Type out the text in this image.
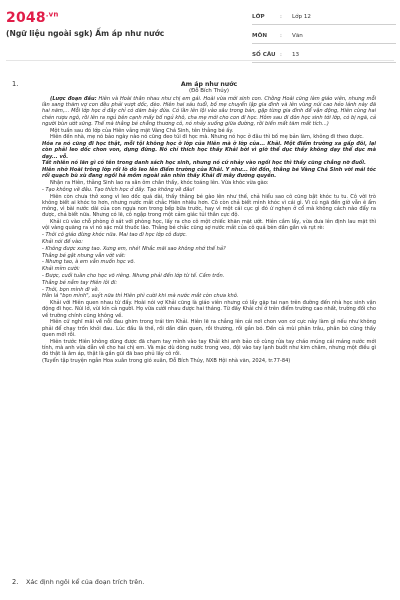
$2048^{.vn}$
(Ngữ liệu ngoài sgk) Ấm áp như nước
LỚP	:	Lớp 12
MÔN	:	Văn
SỐ CÂU :	13
1.	Ấm áp như nước
(Đỗ Bích Thúy)

(Lược đoạn đầu: Hiên và Hoài thân nhau như chị em gái. Hoài vừa mới sinh con. Chồng Hoài cũng làm giáo viên, nhưng mỗi lần sang thăm vợ con đều phải vượt dốc, đèo. Hiên hai sáu tuổi, bố mẹ chuyển lập gia đình và lên vùng núi cao hẻo lánh này đã hai năm,... Mỗi lớp học ở đây chỉ có dăm bảy đứa. Có lần lên lội vào sâu trong bản, gặp từng gia đình để vận động, Hiên cùng hai chén rượu ngô, rồi lên ra ngủ bên cạnh mấy bố ngủ khô, cha mẹ mới cho con đi học. Hôm sau đi đón học sinh tới lớp, có bị ngã, cả người bùn ướt sũng. Thế mà thằng bé chẳng thương cô, nó nhảy xuống giữa đường, rồi biến mất tăm mất tích...)

Một tuần sau đó lớp của Hiên vắng mặt Vàng Chá Sinh, tên thằng bé ấy.

Hiên đến nhà, mẹ nó bảo ngày nào nó cũng đeo túi đi học mà. Nhưng nó học ở đâu thì bố mẹ bản làm, không đi theo được.

Hóa ra nó cũng đi học thật, mỗi tội không học ở lớp của Hiên mà ở lớp của... Khải. Một điểm trường xa gấp đôi, lại còn phải leo dốc chon von, dựng đứng. Nó chỉ thích học thầy Khải bởi vì giờ thể dục thầy không dạy thể dục mà dạy... vỗ.

Tất nhiên nó lăn gì có tên trong danh sách học sinh, nhưng nó cứ nhảy vào ngồi học thì thầy cũng chẳng nỡ đuổi.

Hiên nhờ Hoài trông lớp rồi lò dò leo lên điểm trường của Khải. Y như... lời đồn, thằng bé Vàng Chá Sinh với mái tóc rối quạch bù xù đang ngồi hả mồm ngoài sân nhìn thầy Khải đi mây đường quyền.

Nhận ra Hiên, thằng Sinh lao ra sân ôm chân thầy, khóc toáng lên. Vừa khóc vừa gào:

- Tạo không về đâu. Tạo thích học ở đây. Tạo không về đâu!

Hiên còn chưa thở xong vì leo dốc quá dài, thấy thằng bé gào lên như thế, chả hiểu sao cô cũng bật khóc tu tu. Cô vời trò không biết ai khóc to hơn, nhưng nước mắt chắc Hiên nhiều hơn. Cô còn chả biết mình khóc vì cái gì. Vì cú ngã đến giờ vẫn ê ẩm mông, vì bài nước dài của con ngựa non trong bếp bữa trước, hay vì một cái cục gì đó ứ nghẹn ở cổ mà không cách nào đẩy ra được, chả biết nữa. Nhưng có lẽ, cô ngập trong một cảm giác tủi thân cực độ.

Khải cũ vào chỗ phòng ở sát với phòng học, lấy ra cho cô một chiếc khăn mặt ướt. Hiên cầm lấy, vừa đưa lên định lau mặt thì vội vàng quăng ra vì nó sặc mùi thuốc lào. Thằng bé chắc cũng sợ nước mắt của cô quá bèn dần gần và rụt rè:

- Thôi cô giáo đừng khóc nữa. Mai tao đi học lớp cô được.

Khải nói đế vào:

- Không được xưng tao. Xưng em, nhé! Nhắc mãi sao không nhớ thế hả?

Thằng bé gật nhưng vẫn vớt vát:

- Nhưng tao, à em vẫn muốn học võ.

Khải mỉm cười:

- Được, cuối tuần cho học võ riêng. Nhưng phải đến lớp từ tế. Cấm trốn.

Thằng bé nắm tay Hiên lôi đi:

- Thôi, bọn mình đi về.

Hằn lá "bọn mình", suýt nữa thì Hiên phì cười khi mà nước mắt còn chưa khô.

Khải với Hiên quen nhau từ đấy. Hoài nói vợ Khải cũng là giáo viên nhưng có lấy gặp tai nạn trên đường đến nhà học sinh vận động đi học. Núi lở, vùi kín cả người. Họ vừa cưới nhau được hai tháng. Từ đấy Khải chỉ ở trên điểm trường cao nhất, trường đối cho về trường chính cũng không về.

Hiên cứ nghĩ mãi về nỗi đau ghim trong trái tim Khải. Hiên lẽ ra chẳng lên cái nơi chon von cơ cực này làm gì nếu như không phải để chạy trốn khỏi đau. Lúc đầu là thế, rồi dần dần quen, rồi thương, rồi gắn bó. Đến cả mùi phân trâu, phân bò cũng thấy quen mới rồi.

Hiên trước Hiên không dũng được đã chạm tay mình vào tay Khải khi anh bảo cô cùng rửa tay cháo múng cái máng nước mới tính, mà anh vừa dẫn về cho hai chị em. Và mặc dù dòng nước trong veo, đội vào tay lạnh buốt như kim châm, nhưng một điều gì đó thật là âm áp, thật là gần gũi đã bao phủ lấy cô rồi.

(Tuyển tập truyện ngắn Hoa xuân trong gió xuân, Đỗ Bích Thúy, NXB Hội nhà văn, 2024, tr.77-84)

2. Xác định ngôi kể của đoạn trích trên.
